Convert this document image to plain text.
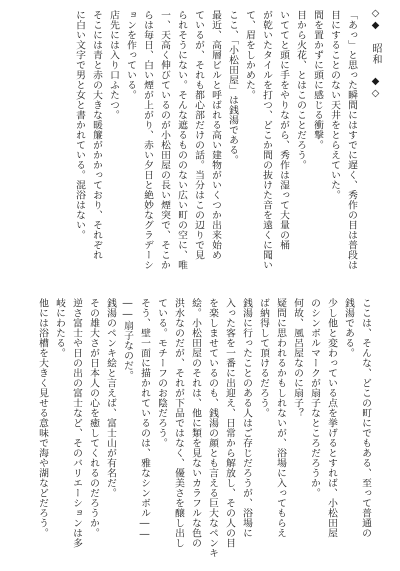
◇◆　昭和　◆◇
「あっ」と思った瞬間にはすでに遅く、秀作の目は普段は
目にすることのない天井をとらえていた。
間を置かずに頭に感じる衝撃。
目から火花、とはこのことだろう。
いててと頭に手をやりながら、秀作は湿って大量の桶
が乾いたタイルを打つ、どこか間の抜けた音を遠くに聞い
て、眉をしかめた。
ここ、「小松田屋」は銭湯である。
最近、高層ビルと呼ばれる高い建物がいくつか出来始め
ているが、それも都心部だけの話。当分はこの辺りで見
られそうにない。そんな遮るもののない広い町の空に、唯
一、天高く伸びているのが小松田屋の長い煙突で、そこか
らは毎日、白い煙が上がり、赤い夕日と絶妙なグラデーシ
ョンを作っている。
店先には入り口ふたつ。
そこには青と赤の大きな暖簾がかかっており、それぞれ
に白い文字で男と女と書かれている。混浴はない。
ここは、そんな、どこの町にでもある、至って普通の
銭湯である。
少し他と変わっている点を挙げるとすれば、小松田屋
のシンボルマークが扇子なところだろうか。
何故、風呂屋なのに扇子？
疑問に思われるかもしれないが、浴場に入ってもらえ
ば納得して頂けるだろう。
銭湯に行ったことのある人はご存じだろうが、浴場に
入った客を一番に出迎え、日常から解放し、その人の目
を楽しませているのも、銭湯の顔とも言える巨大なペンキ
絵。小松田屋のそれは、他に類を見ないカラフルな色の
洪水なのだが、それが下品ではなく、優美さを醸し出し
ている。モチーフのお陰だろう。
そう、壁一面に描かれているのは、雅なシンボル――
――扇子なのだ。
銭湯のペンキ絵と言えば、富士山が有名だ。
その雄大さが日本人の心を癒してくれるのだろうか。
逆さ富士や日の出の富士など、そのバリエーションは多
岐にわたる。
他には浴槽を大きく見せる意味で海や湖などだろう。
